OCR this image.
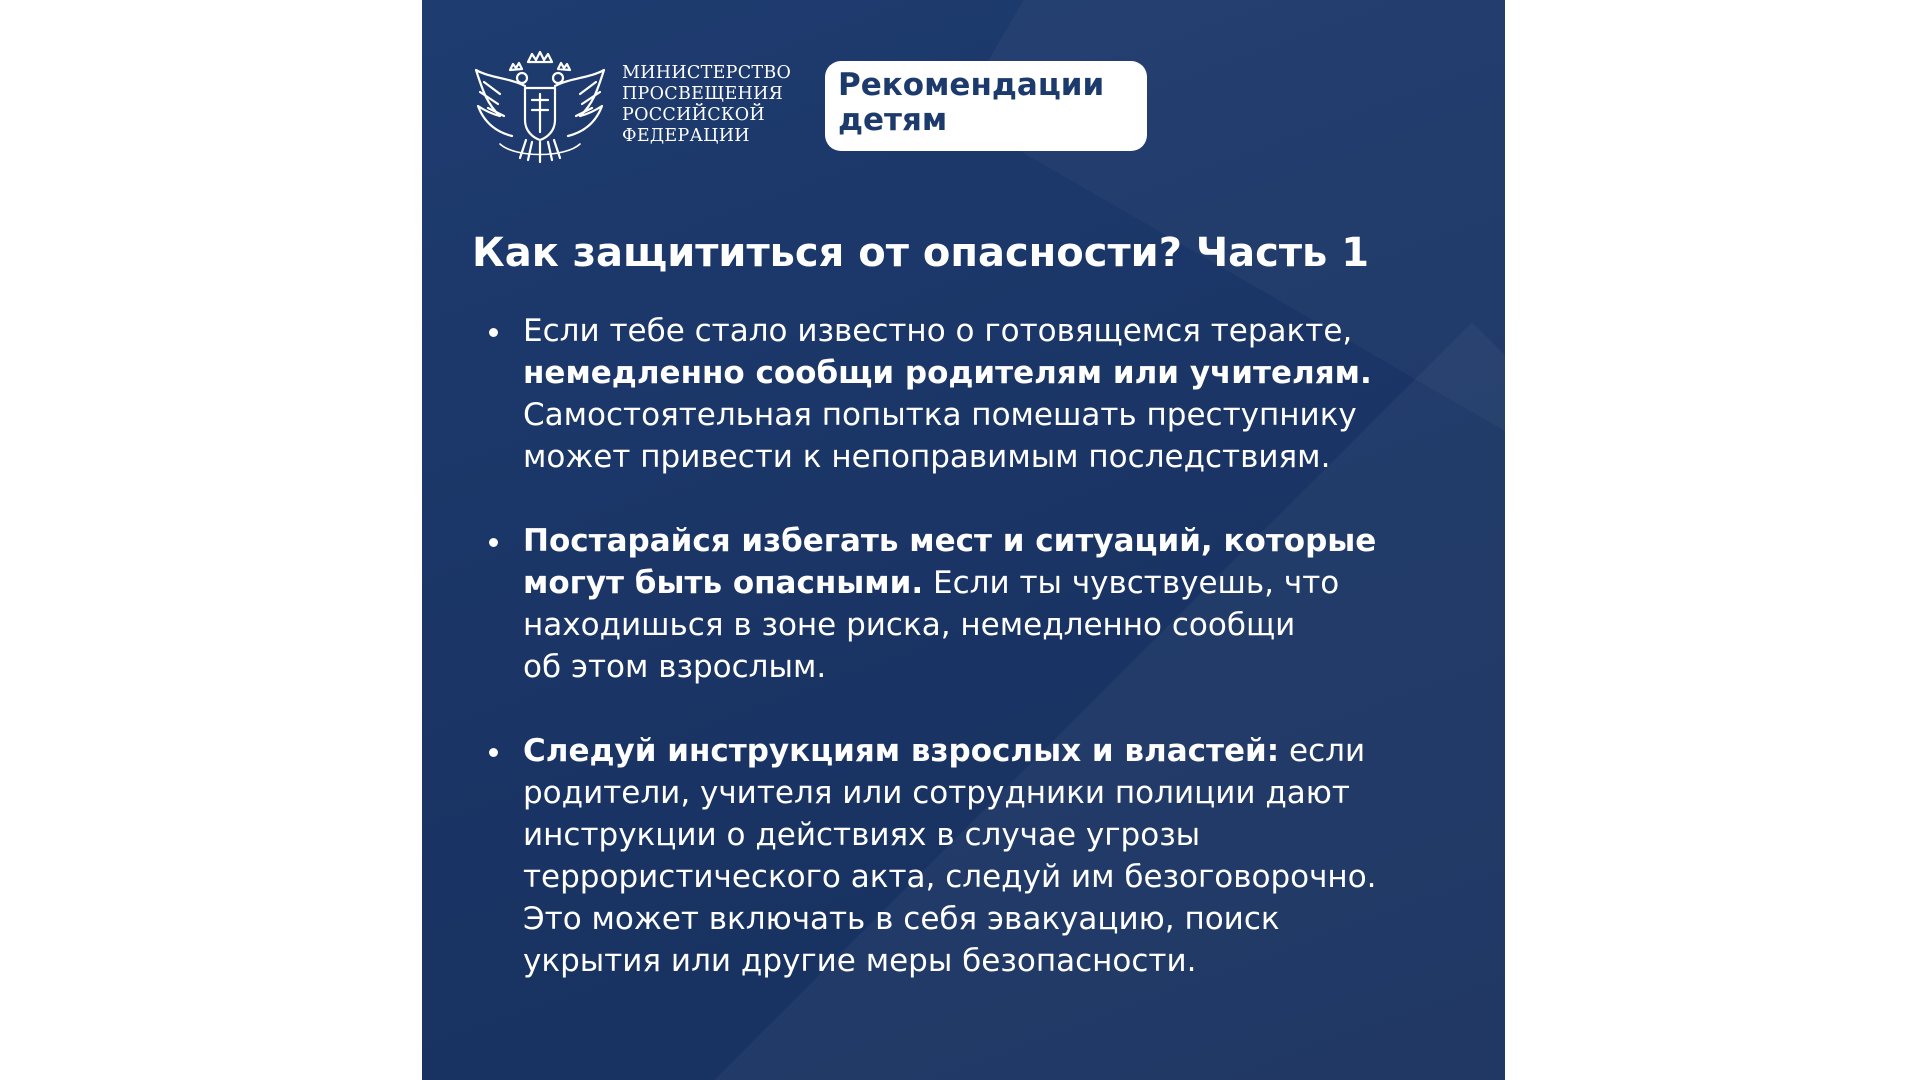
МИНИСТЕРСТВО
ПРОСВЕЩЕНИЯ
РОССИЙСКОЙ
ФЕДЕРАЦИИ
Рекомендации
детям
Как защититься от опасности? Часть 1
Если тебе стало известно о готовящемся теракте,
немедленно сообщи родителям или учителям.
Самостоятельная попытка помешать преступнику
может привести к непоправимым последствиям.
Постарайся избегать мест и ситуаций, которые
могут быть опасными. Если ты чувствуешь, что
находишься в зоне риска, немедленно сообщи
об этом взрослым.
Следуй инструкциям взрослых и властей: если
родители, учителя или сотрудники полиции дают
инструкции о действиях в случае угрозы
террористического акта, следуй им безоговорочно.
Это может включать в себя эвакуацию, поиск
укрытия или другие меры безопасности.
